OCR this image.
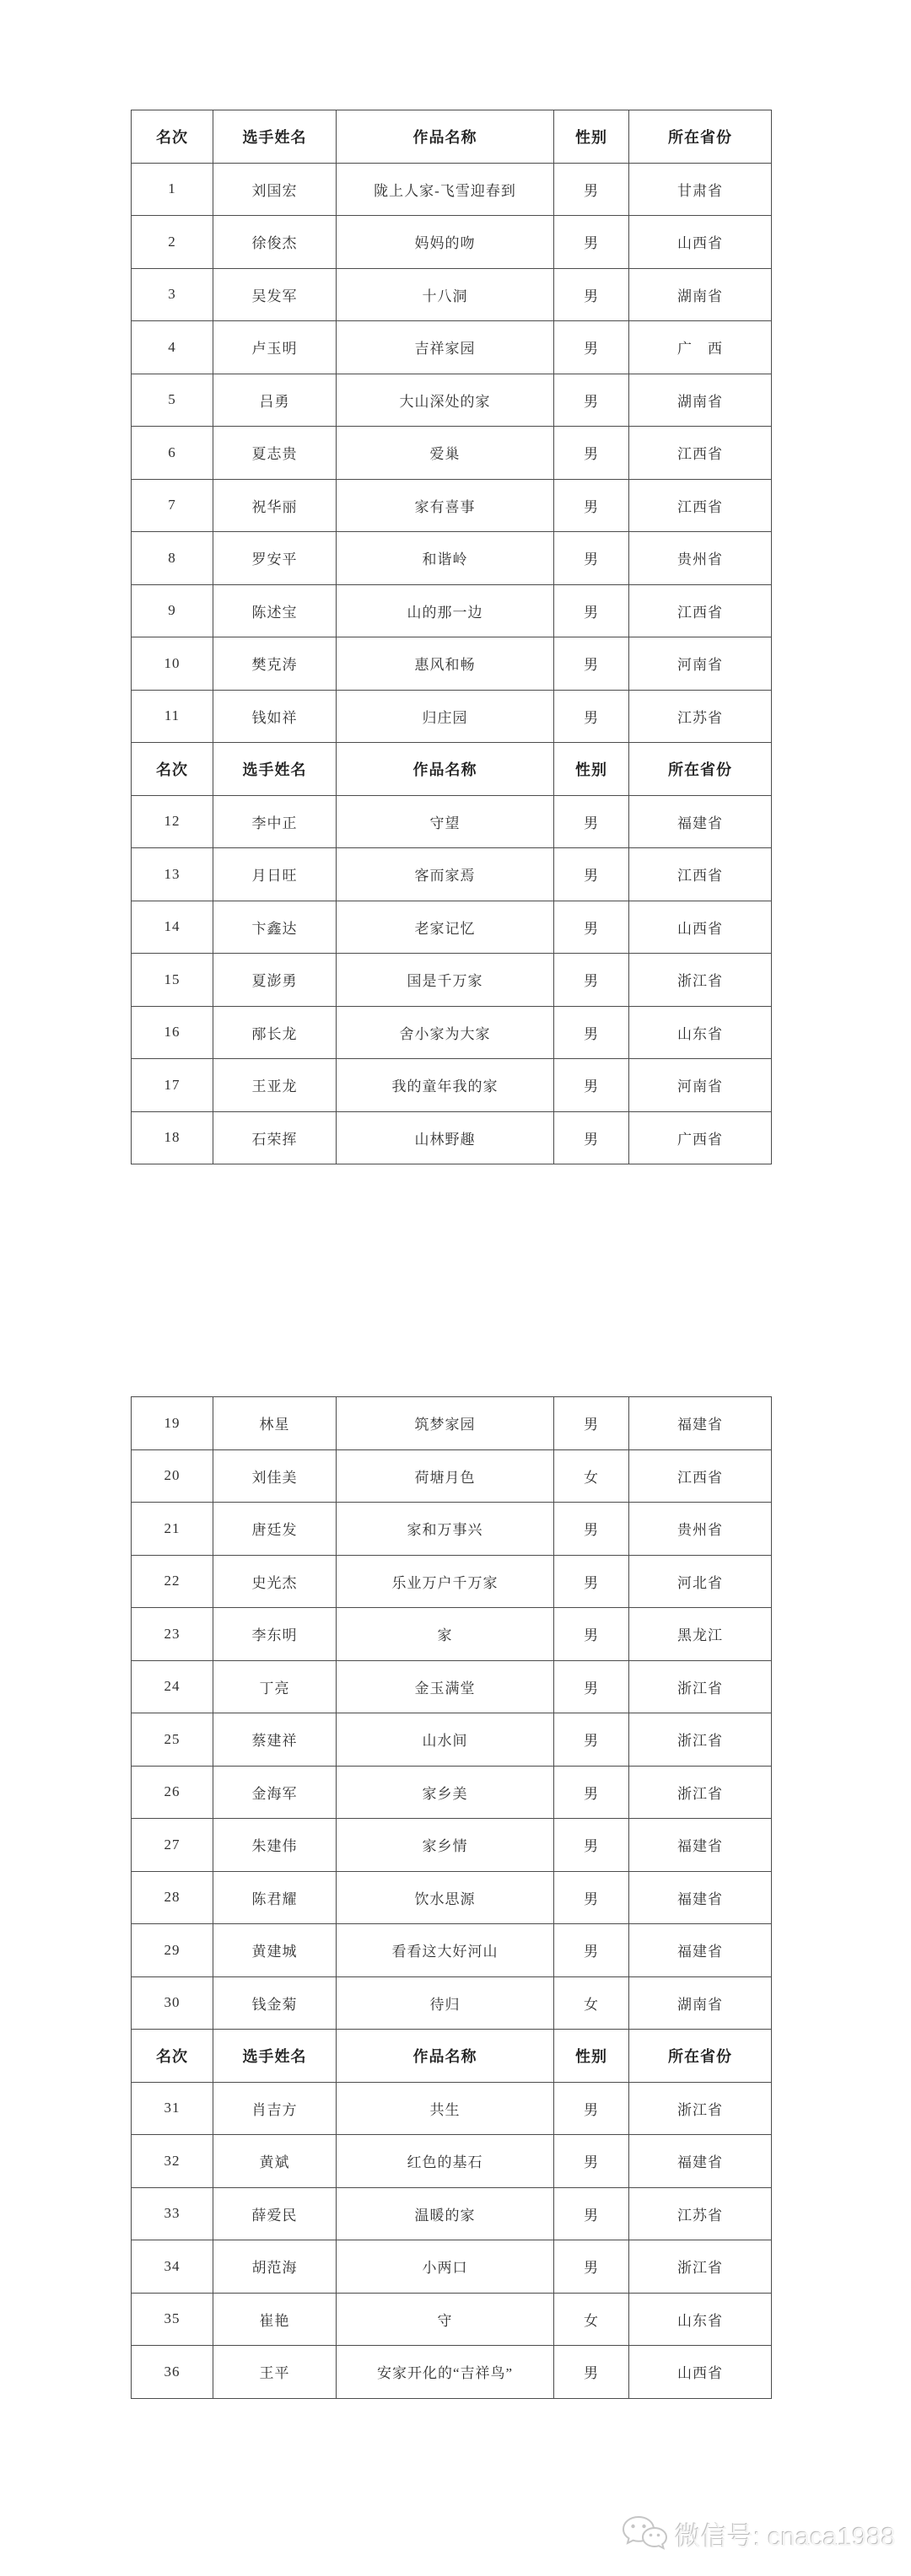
名次	选手姓名	作品名称	性别	所在省份
1	刘国宏	陇上人家-飞雪迎春到	男	甘肃省
2	徐俊杰	妈妈的吻	男	山西省
3	吴发军	十八洞	男	湖南省
4	卢玉明	吉祥家园	男	广　西
5	吕勇	大山深处的家	男	湖南省
6	夏志贵	爱巢	男	江西省
7	祝华丽	家有喜事	男	江西省
8	罗安平	和谐岭	男	贵州省
9	陈述宝	山的那一边	男	江西省
10	樊克涛	惠风和畅	男	河南省
11	钱如祥	归庄园	男	江苏省
名次	选手姓名	作品名称	性别	所在省份
12	李中正	守望	男	福建省
13	月日旺	客而家焉	男	江西省
14	卞鑫达	老家记忆	男	山西省
15	夏澎勇	国是千万家	男	浙江省
16	邴长龙	舍小家为大家	男	山东省
17	王亚龙	我的童年我的家	男	河南省
18	石荣挥	山林野趣	男	广西省
19	林星	筑梦家园	男	福建省
20	刘佳美	荷塘月色	女	江西省
21	唐廷发	家和万事兴	男	贵州省
22	史光杰	乐业万户千万家	男	河北省
23	李东明	家	男	黑龙江
24	丁亮	金玉满堂	男	浙江省
25	蔡建祥	山水间	男	浙江省
26	金海军	家乡美	男	浙江省
27	朱建伟	家乡情	男	福建省
28	陈君耀	饮水思源	男	福建省
29	黄建城	看看这大好河山	男	福建省
30	钱金菊	待归	女	湖南省
名次	选手姓名	作品名称	性别	所在省份
31	肖吉方	共生	男	浙江省
32	黄斌	红色的基石	男	福建省
33	薛爱民	温暖的家	男	江苏省
34	胡范海	小两口	男	浙江省
35	崔艳	守	女	山东省
36	王平	安家开化的“吉祥鸟”	男	山西省
微信号: cnaca1988
